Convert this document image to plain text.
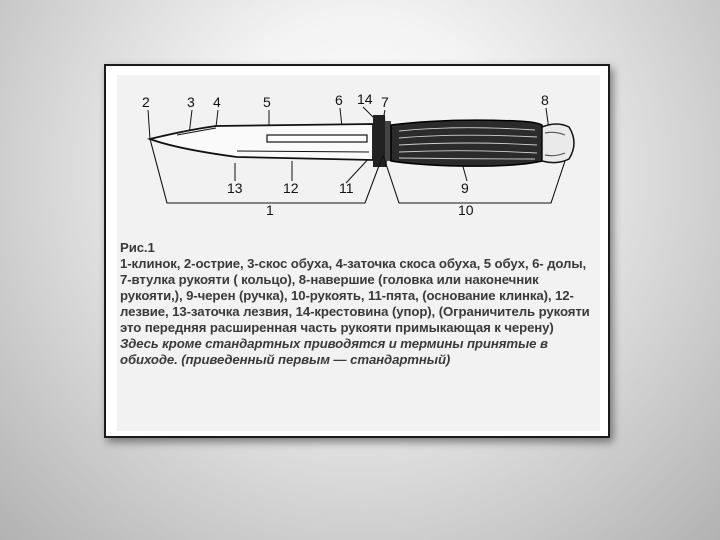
2	3 4	5	6 14 7	8
13	12	11	9
1	10

Рис.1

1-клинок, 2-острие, 3-скос обуха, 4-заточка скоса обуха, 5 обух, 6- долы, 7-втулка рукояти ( кольцо), 8-навершие (головка или наконечник рукояти,), 9-черен (ручка), 10-рукоять, 11-пята, (основание клинка), 12-лезвие, 13-заточка лезвия, 14-крестовина (упор), (Ограничитель рукояти это передняя расширенная часть рукояти примыкающая к черену)

Здесь кроме стандартных приводятся и термины принятые в обиходе. (приведенный первым — стандартный)
